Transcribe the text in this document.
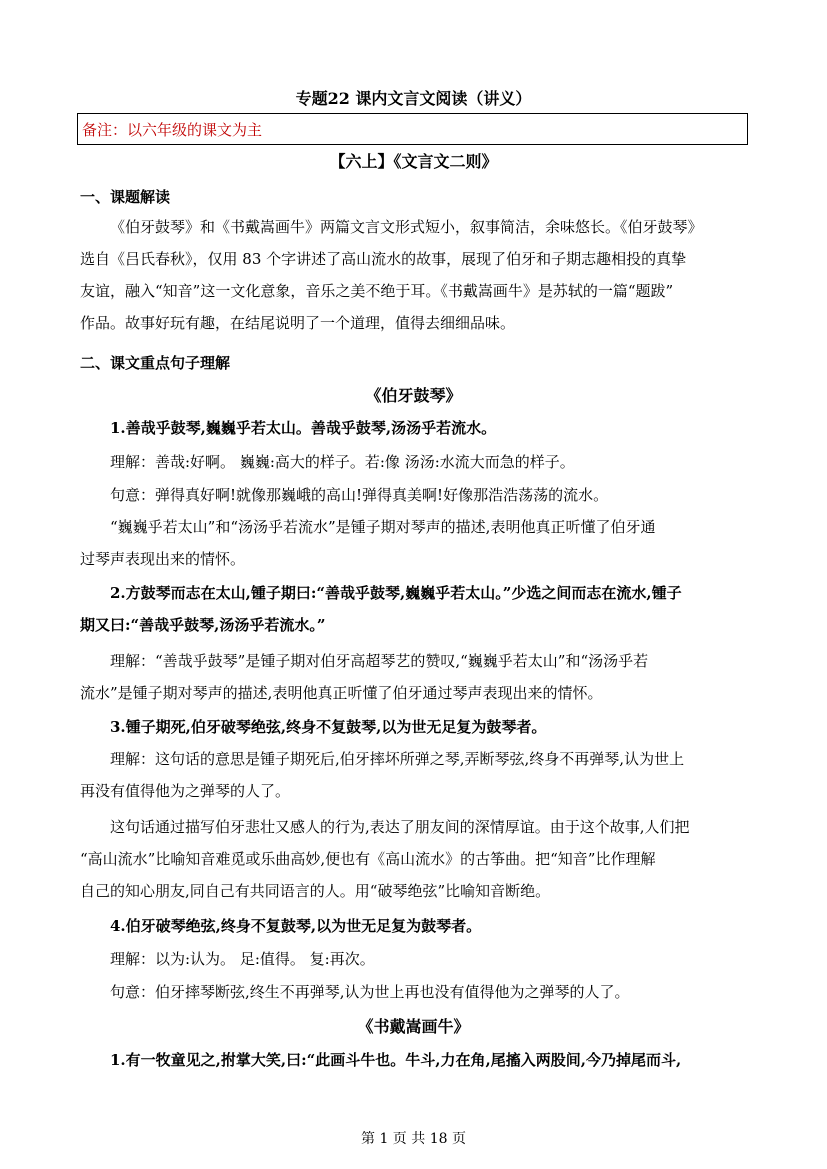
专题22 课内文言文阅读（讲义）
备注：以六年级的课文为主
【六上】《文言文二则》
一、课题解读
《伯牙鼓琴》和《书戴嵩画牛》两篇文言文形式短小，叙事简洁，余味悠长。《伯牙鼓琴》
选自《吕氏春秋》，仅用 83 个字讲述了高山流水的故事，展现了伯牙和子期志趣相投的真挚
友谊，融入“知音”这一文化意象，音乐之美不绝于耳。《书戴嵩画牛》是苏轼的一篇“题跋”
作品。故事好玩有趣，在结尾说明了一个道理，值得去细细品味。
二、课文重点句子理解
《伯牙鼓琴》
1.善哉乎鼓琴,巍巍乎若太山。善哉乎鼓琴,汤汤乎若流水。
理解：善哉:好啊。 巍巍:高大的样子。若:像 汤汤:水流大而急的样子。
句意：弹得真好啊!就像那巍峨的高山!弹得真美啊!好像那浩浩荡荡的流水。
“巍巍乎若太山”和“汤汤乎若流水”是锺子期对琴声的描述,表明他真正听懂了伯牙通
过琴声表现出来的情怀。
2.方鼓琴而志在太山,锺子期曰:“善哉乎鼓琴,巍巍乎若太山。”少选之间而志在流水,锺子
期又曰:“善哉乎鼓琴,汤汤乎若流水。”
理解：“善哉乎鼓琴”是锺子期对伯牙高超琴艺的赞叹,“巍巍乎若太山”和“汤汤乎若
流水”是锺子期对琴声的描述,表明他真正听懂了伯牙通过琴声表现出来的情怀。
3.锺子期死,伯牙破琴绝弦,终身不复鼓琴,以为世无足复为鼓琴者。
理解：这句话的意思是锺子期死后,伯牙摔坏所弹之琴,弄断琴弦,终身不再弹琴,认为世上
再没有值得他为之弹琴的人了。
这句话通过描写伯牙悲壮又感人的行为,表达了朋友间的深情厚谊。由于这个故事,人们把
“高山流水”比喻知音难觅或乐曲高妙,便也有《高山流水》的古筝曲。把“知音”比作理解
自己的知心朋友,同自己有共同语言的人。用“破琴绝弦”比喻知音断绝。
4.伯牙破琴绝弦,终身不复鼓琴,以为世无足复为鼓琴者。
理解：以为:认为。 足:值得。 复:再次。
句意：伯牙摔琴断弦,终生不再弹琴,认为世上再也没有值得他为之弹琴的人了。
《书戴嵩画牛》
1.有一牧童见之,拊掌大笑,曰:“此画斗牛也。牛斗,力在角,尾搐入两股间,今乃掉尾而斗,
第 1 页 共 18 页
